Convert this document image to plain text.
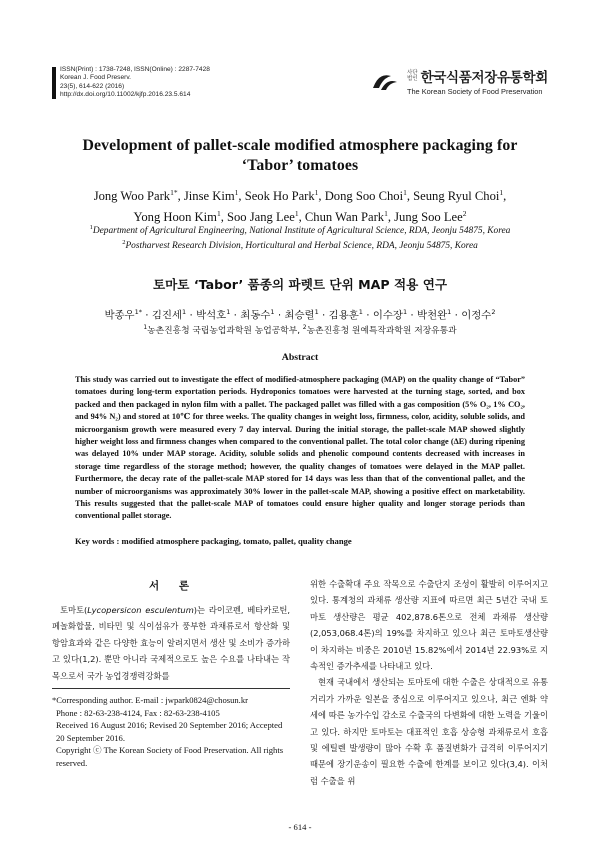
ISSN(Print) : 1738-7248, ISSN(Online) : 2287-7428
Korean J. Food Preserv.
23(5), 614-622 (2016)
http://dx.doi.org/10.11002/kjfp.2016.23.5.614
사단
법인 한국식품저장유통학회
The Korean Society of Food Preservation
Development of pallet-scale modified atmosphere packaging for
‘Tabor’ tomatoes
Jong Woo Park$^{1*}$, Jinse Kim$^1$, Seok Ho Park$^1$, Dong Soo Choi$^1$, Seung Ryul Choi$^1$,
Yong Hoon Kim$^1$, Soo Jang Lee$^1$, Chun Wan Park$^1$, Jung Soo Lee$^2$
$^1$Department of Agricultural Engineering, National Institute of Agricultural Science, RDA, Jeonju 54875, Korea
$^2$Postharvest Research Division, Horticultural and Herbal Science, RDA, Jeonju 54875, Korea
토마토 ‘Tabor’ 품종의 파렛트 단위 MAP 적용 연구
박종우$^{1*}$ · 김진세$^1$ · 박석호$^1$ · 최동수$^1$ · 최승렬$^1$ · 김용훈$^1$ · 이수장$^1$ · 박천완$^1$ · 이정수$^2$
$^1$농촌진흥청 국립농업과학원 농업공학부, $^2$농촌진흥청 원예특작과학원 저장유통과
Abstract
This study was carried out to investigate the effect of modified-atmosphere packaging (MAP) on the quality change of “Tabor” tomatoes during long-term exportation periods. Hydroponics tomatoes were harvested at the turning stage, sorted, and box packed and then packaged in nylon film with a pallet. The packaged pallet was filled with a gas composition (5% O₂, 1% CO₂, and 94% N₂) and stored at 10℃ for three weeks. The quality changes in weight loss, firmness, color, acidity, soluble solids, and microorganism growth were measured every 7 day interval. During the initial storage, the pallet-scale MAP showed slightly higher weight loss and firmness changes when compared to the conventional pallet. The total color change (ΔE) during ripening was delayed 10% under MAP storage. Acidity, soluble solids and phenolic compound contents decreased with increases in storage time regardless of the storage method; however, the quality changes of tomatoes were delayed in the MAP pallet. Furthermore, the decay rate of the pallet-scale MAP stored for 14 days was less than that of the conventional pallet, and the number of microorganisms was approximately 30% lower in the pallet-scale MAP, showing a positive effect on marketability. This results suggested that the pallet-scale MAP of tomatoes could ensure higher quality and longer storage periods than conventional pallet storage.
Key words : modified atmosphere packaging, tomato, pallet, quality change
서 론

토마토(Lycopersicon esculentum)는 라이코펜, 베타카로틴, 페놀화합물, 비타민 및 식이섬유가 풍부한 과채류로서 항산화 및 항암효과와 같은 다양한 효능이 알려지면서 생산 및 소비가 증가하고 있다(1,2). 뿐만 아니라 국제적으로도 높은 수요를 나타내는 작목으로서 국가 농업경쟁력강화를

위한 수출확대 주요 작목으로 수출단지 조성이 활발히 이루어지고 있다. 통계청의 과채류 생산량 지표에 따르면 최근 5년간 국내 토마토 생산량은 평균 402,878.6톤으로 전체 과채류 생산량(2,053,068.4톤)의 19%를 차지하고 있으나 최근 토마토생산량이 차지하는 비중은 2010년 15.82%에서 2014년 22.93%로 지속적인 증가추세를 나타내고 있다.

현재 국내에서 생산되는 토마토에 대한 수출은 상대적으로 유통거리가 가까운 일본을 중심으로 이루어지고 있으나, 최근 엔화 약세에 따른 농가수입 감소로 수출국의 다변화에 대한 노력을 기울이고 있다. 하지만 토마토는 대표적인 호흡 상승형 과채류로서 호흡 및 에틸렌 발생량이 많아 수확 후 품질변화가 급격히 이루어지기 때문에 장기운송이 필요한 수출에 한계를 보이고 있다(3,4). 이처럼 수출을 위

*Corresponding author. E-mail : jwpark0824@chosun.kr
Phone : 82-63-238-4124, Fax : 82-63-238-4105
Received 16 August 2016; Revised 20 September 2016; Accepted 20 September 2016.
Copyright ⓒ The Korean Society of Food Preservation. All rights reserved.
- 614 -
